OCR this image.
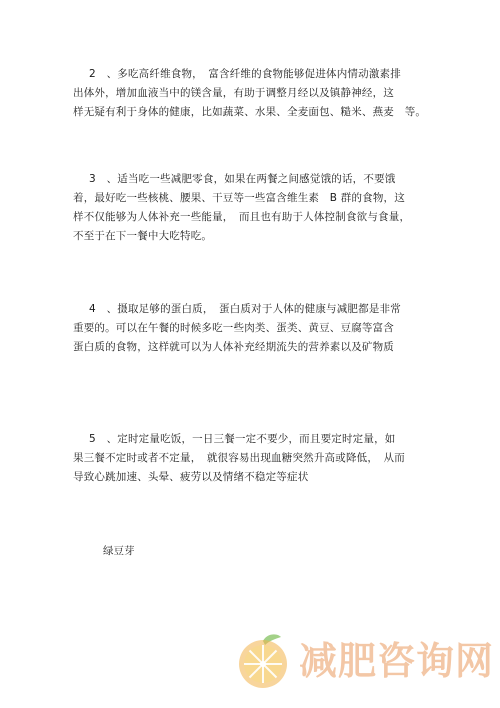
2　、多吃高纤维食物，　富含纤维的食物能够促进体内情动激素排
出体外，增加血液当中的镁含量，有助于调整月经以及镇静神经，这
样无疑有利于身体的健康，比如蔬菜、水果、全麦面包、糙米、燕麦　等。
3　、适当吃一些减肥零食，如果在两餐之间感觉饿的话，不要饿
着，最好吃一些核桃、腰果、干豆等一些富含维生素　B 群的食物，这
样不仅能够为人体补充一些能量，　而且也有助于人体控制食欲与食量，
不至于在下一餐中大吃特吃。
4　、摄取足够的蛋白质，　蛋白质对于人体的健康与减肥都是非常
重要的。可以在午餐的时候多吃一些肉类、蛋类、黄豆、豆腐等富含
蛋白质的食物，这样就可以为人体补充经期流失的营养素以及矿物质
5　、定时定量吃饭，一日三餐一定不要少，而且要定时定量，如
果三餐不定时或者不定量，　就很容易出现血糖突然升高或降低，　从而
导致心跳加速、头晕、疲劳以及情绪不稳定等症状
绿豆芽
减肥咨询网
